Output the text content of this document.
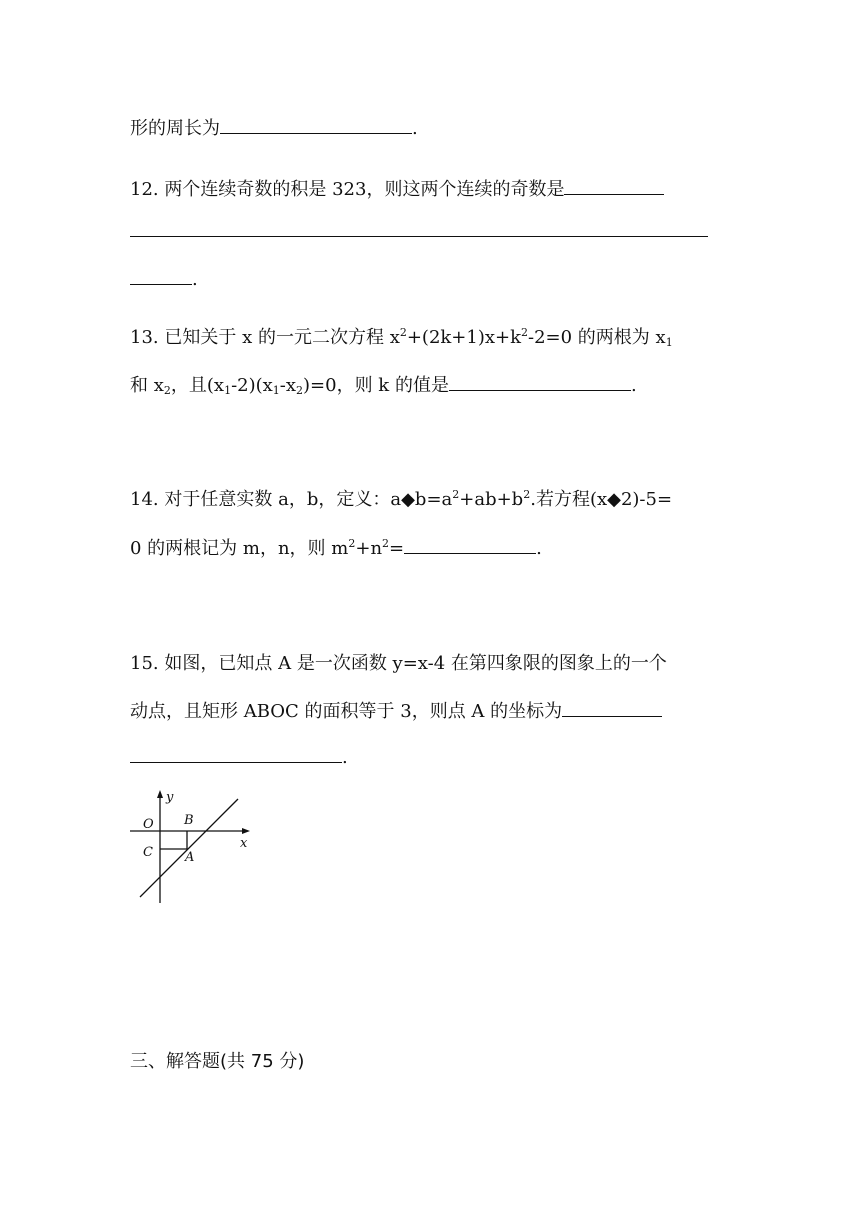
形的周长为	.
12. 两个连续奇数的积是 323，则这两个连续的奇数是
.
13. 已知关于 x 的一元二次方程 $x^2+(2k+1)x+k^2-2=0$ 的两根为 $x_1$
和 $x_2$，且$(x_1-2)(x_1-x_2)=0$，则 k 的值是	.
14. 对于任意实数 a，b，定义：$a◆b=a^2+ab+b^2$.若方程(x◆2)-5=
0 的两根记为 m，n，则 $m^2+n^2=$	.
15. 如图，已知点 A 是一次函数 y=x-4 在第四象限的图象上的一个
动点，且矩形 ABOC 的面积等于 3，则点 A 的坐标为
.
y
O B
x
C A
三、解答题(共 75 分)
